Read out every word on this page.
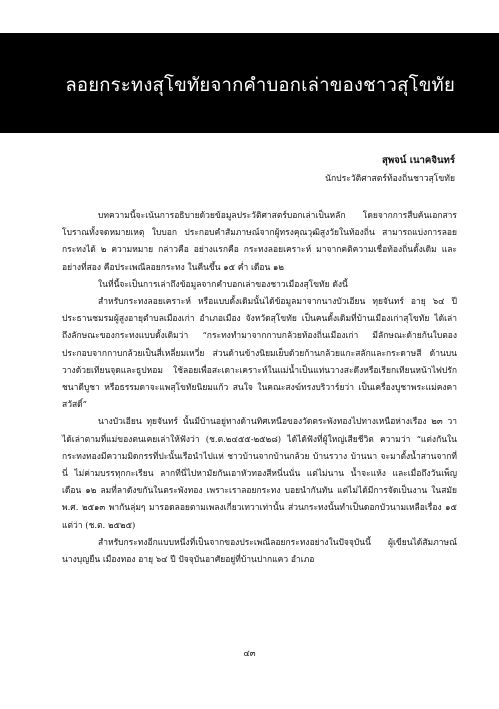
ลอยกระทงสุโขทัยจากคำบอกเล่าของชาวสุโขทัย
สุพจน์ เนาคจินทร์
นักประวัติศาสตร์ท้องถิ่นชาวสุโขทัย

บทความนี้จะเน้นการอธิบายด้วยข้อมูลประวัติศาสตร์บอกเล่าเป็นหลัก โดยจากการสืบค้นเอกสารโบราณทั้งจดหมายเหตุ ใบบอก ประกอบคำสัมภาษณ์จากผู้ทรงคุณวุฒิสูงวัยในท้องถิ่น สามารถแบ่งการลอยกระทงได้ ๒ ความหมาย กล่าวคือ อย่างแรกคือ กระทงลอยเคราะห์ มาจากคติความเชื่อท้องถิ่นดั้งเดิม และอย่างที่สอง คือประเพณีลอยกระทง ในคืนขึ้น ๑๕ ค่ำ เดือน ๑๒

ในที่นี้จะเป็นการเล่าถึงข้อมูลจากคำบอกเล่าของชาวเมืองสุโขทัย ดังนี้

สำหรับกระทงลอยเคราะห์ หรือแบบดั้งเดิมนั้นได้ข้อมูลมาจากนางบัวเอียน ทุยจันทร์ อายุ ๖๔ ปี ประธานชมรมผู้สูงอายุตำบลเมืองเก่า อำเภอเมือง จังหวัดสุโขทัย เป็นคนดั้งเดิมที่บ้านเมืองเก่าสุโขทัย ได้เล่าถึงลักษณะของกระทงแบบดั้งเดิมว่า “กระทงทำมาจากกาบกล้วยท้องถิ่นเมืองเก่า มีลักษณะด้ายก้นใบตองประกอบจากกาบกล้วยเป็นสี่เหลี่ยมเหวี่ย ส่วนด้านข้างนิยมเย็บด้วยก้านกล้วยแกะสลักและกระดาษสี ด้านบนวางด้วยเทียนจุดและธูปหอม ใช้ลอยเพื่อสะเดาะเคราะห์ในแม่น้ำเป็นแท่นวางสะดึงหรือเรียกเทียนหน้าไฟปรักชนาดีบูชา หรือธรรมดาจะแพสุโขทัยนิยมแก้ว สนใจ ในคณะสงฆ์ทรงบริวาร์ยว่า เป็นเครื่องบูชาพระแม่คงคาสวัสดิ์”

นางบัวเอียน ทุยจันทร์ นั้นมีบ้านอยู่ทางด้านทิศเหนือของวัดตระพังทองไปทางเหนือห่างเรือง ๒๓ วา ได้เล่าตามที่แม่ของตนเคยเล่าให้ฟังว่า (ช.ต.๒๔๕๕-๒๕๒๘) ได้ได้ฟังที่ผู้ใหญ่เสียชีวิต ความว่า “แต่งกันในกระทงทองมีความมิดกรรที่ปะนั้นเรือนำไปแห่ ชาวบ้านจากบ้านกล้วย บ้านรวาง บ้านนา จะมาตั้งน้ำสานจากที่นี่ ไม่ค่ามบรรทุกกะเรียน ลากทีนี่ไปหามัยกันเอาหัวทองสีหนี่นนั่น แต่ไม่นาน น้ำจะแห้ง และเมื่อถึงวันเพ็ญเดือน ๑๒ ลมที่ลาดังขกันในตระพังทอง เพราะเราลอยกระทง บอยนำกันทัน แต่ไม่ได้มีการจัดเป็นงาน ในสมัยพ.ศ. ๒๕๑๓ พากันลุ่มๆ มารอดลอยตามเพลงเกี่ยวเทวาเท่านั้น ส่วนกระทงนั้นทำเป็นดอกบัวนามเหลือเรื่อง ๑๕ แต่ว่า (ช.ต. ๒๕๒๕)

สำหรับกระทงอีกแบบหนึ่งที่เป็นจากของประเพณีลอยกระทงอย่างในปัจจุบันนี้ ผู้เขียนได้สัมภาษณ์นางบุญยืน เมืองทอง อายุ ๖๔ ปี ปัจจุบันอาศัยอยู่ที่บ้านปากแคว อำเภอ

๔๓
